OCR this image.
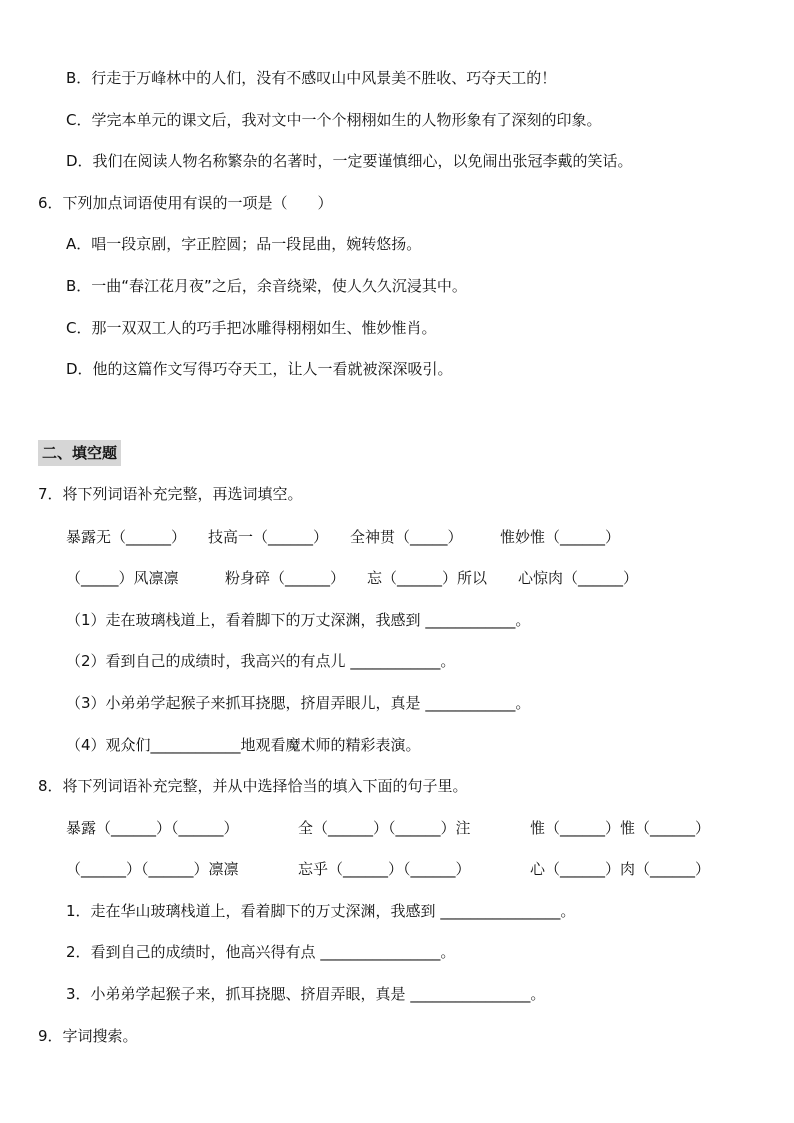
B．行走于万峰林中的人们，没有不感叹山中风景美不胜收、巧夺天工的！
C．学完本单元的课文后，我对文中一个个栩栩如生的人物形象有了深刻的印象。
D．我们在阅读人物名称繁杂的名著时，一定要谨慎细心，以免闹出张冠李戴的笑话。
6．下列加点词语使用有误的一项是（　　）
A．唱一段京剧，字正腔圆；品一段昆曲，婉转悠扬。
B．一曲“春江花月夜”之后，余音绕梁，使人久久沉浸其中。
C．那一双双工人的巧手把冰雕得栩栩如生、惟妙惟肖。
D．他的这篇作文写得巧夺天工，让人一看就被深深吸引。
二、填空题
7．将下列词语补充完整，再选词填空。
暴露无（______） 技高一（______） 全神贯（_____） 惟妙惟（______）
（_____）风凛凛	粉身碎（______） 忘（______）所以 心惊肉（______）
（1）走在玻璃栈道上，看着脚下的万丈深渊，我感到 ____________。
（2）看到自己的成绩时，我高兴的有点儿 ____________。
（3）小弟弟学起猴子来抓耳挠腮，挤眉弄眼儿，真是 ____________。
（4）观众们____________地观看魔术师的精彩表演。
8．将下列词语补充完整，并从中选择恰当的填入下面的句子里。
暴露（______）（______）	全（______）（______）注	惟（______）惟（______）
（______）（______）凛凛	忘乎（______）（______）	心（______）肉（______）
1．走在华山玻璃栈道上，看着脚下的万丈深渊，我感到 ________________。
2．看到自己的成绩时，他高兴得有点 ________________。
3．小弟弟学起猴子来，抓耳挠腮、挤眉弄眼，真是 ________________。
9．字词搜索。
